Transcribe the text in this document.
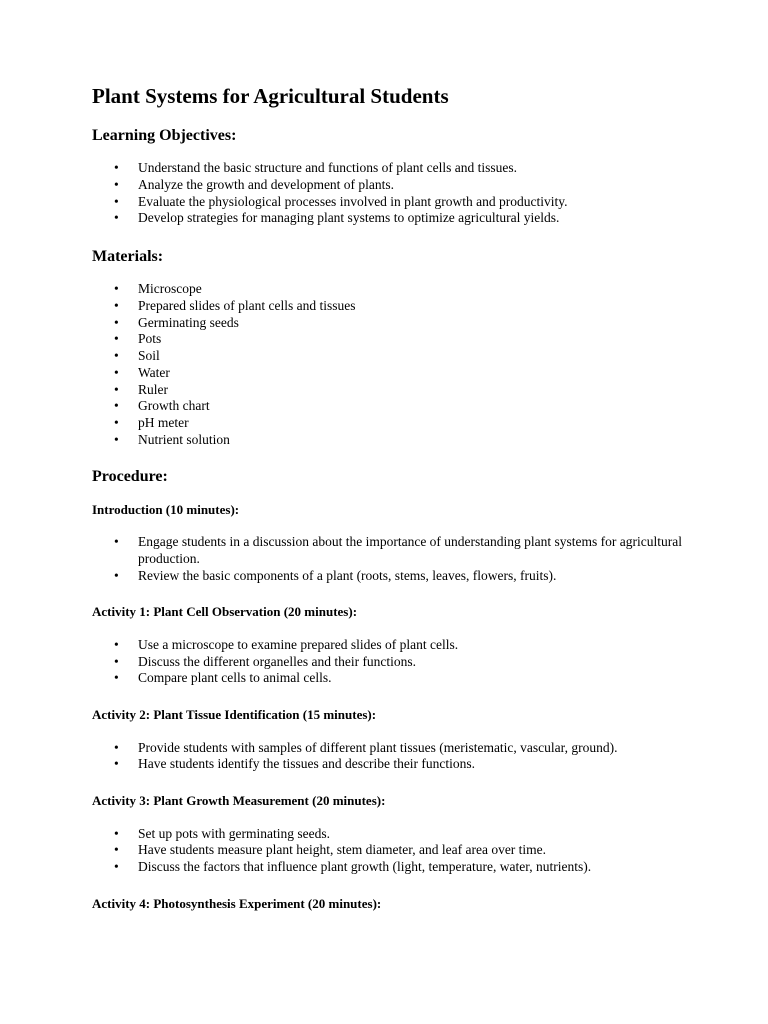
Plant Systems for Agricultural Students
Learning Objectives:
• Understand the basic structure and functions of plant cells and tissues.
• Analyze the growth and development of plants.
• Evaluate the physiological processes involved in plant growth and productivity.
• Develop strategies for managing plant systems to optimize agricultural yields.
Materials:
• Microscope
• Prepared slides of plant cells and tissues
• Germinating seeds
• Pots
• Soil
• Water
• Ruler
• Growth chart
• pH meter
• Nutrient solution
Procedure:
Introduction (10 minutes):
• Engage students in a discussion about the importance of understanding plant systems for agricultural production.
• Review the basic components of a plant (roots, stems, leaves, flowers, fruits).
Activity 1: Plant Cell Observation (20 minutes):
• Use a microscope to examine prepared slides of plant cells.
• Discuss the different organelles and their functions.
• Compare plant cells to animal cells.
Activity 2: Plant Tissue Identification (15 minutes):
• Provide students with samples of different plant tissues (meristematic, vascular, ground).
• Have students identify the tissues and describe their functions.
Activity 3: Plant Growth Measurement (20 minutes):
• Set up pots with germinating seeds.
• Have students measure plant height, stem diameter, and leaf area over time.
• Discuss the factors that influence plant growth (light, temperature, water, nutrients).
Activity 4: Photosynthesis Experiment (20 minutes):
